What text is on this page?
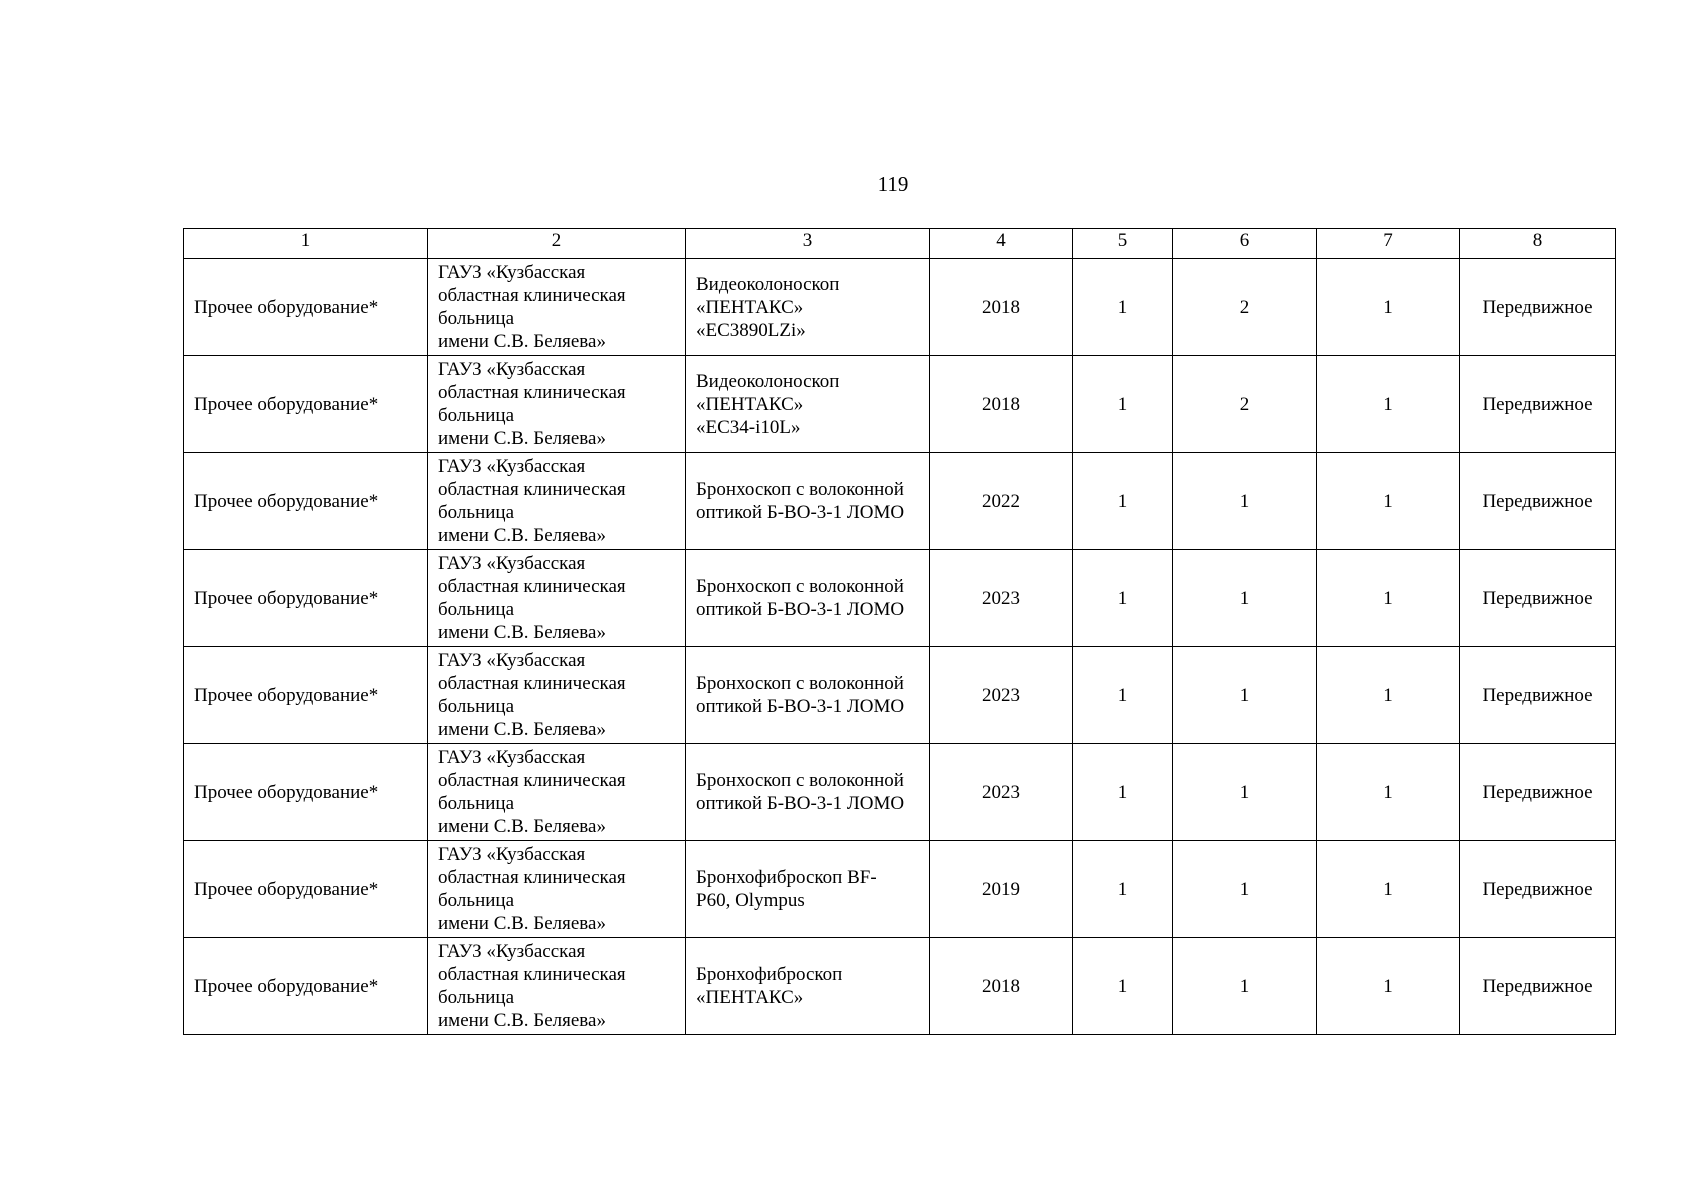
119
1	2	3	4	5	6	7	8
Прочее оборудование*	ГАУЗ «Кузбасская
областная клиническая
больница
имени С.В. Беляева»	Видеоколоноскоп
«ПЕНТАКС»
«EC3890LZi»	2018	1	2	1	Передвижное
Прочее оборудование*	ГАУЗ «Кузбасская
областная клиническая
больница
имени С.В. Беляева»	Видеоколоноскоп
«ПЕНТАКС»
«EC34-i10L»	2018	1	2	1	Передвижное
Прочее оборудование*	ГАУЗ «Кузбасская
областная клиническая
больница
имени С.В. Беляева»	Бронхоскоп с волоконной
оптикой Б-ВО-3-1 ЛОМО	2022	1	1	1	Передвижное
Прочее оборудование*	ГАУЗ «Кузбасская
областная клиническая
больница
имени С.В. Беляева»	Бронхоскоп с волоконной
оптикой Б-ВО-3-1 ЛОМО	2023	1	1	1	Передвижное
Прочее оборудование*	ГАУЗ «Кузбасская
областная клиническая
больница
имени С.В. Беляева»	Бронхоскоп с волоконной
оптикой Б-ВО-3-1 ЛОМО	2023	1	1	1	Передвижное
Прочее оборудование*	ГАУЗ «Кузбасская
областная клиническая
больница
имени С.В. Беляева»	Бронхоскоп с волоконной
оптикой Б-ВО-3-1 ЛОМО	2023	1	1	1	Передвижное
Прочее оборудование*	ГАУЗ «Кузбасская
областная клиническая
больница
имени С.В. Беляева»	Бронхофиброскоп BF-
P60, Olympus	2019	1	1	1	Передвижное
Прочее оборудование*	ГАУЗ «Кузбасская
областная клиническая
больница
имени С.В. Беляева»	Бронхофиброскоп
«ПЕНТАКС»	2018	1	1	1	Передвижное
